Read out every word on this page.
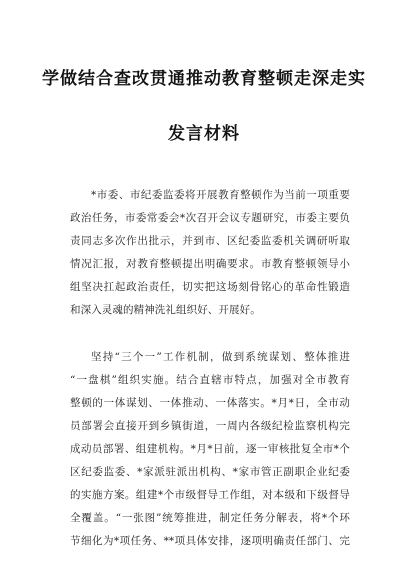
学做结合查改贯通推动教育整顿走深走实
发言材料
*市委、市纪委监委将开展教育整顿作为当前一项重要
政治任务，市委常委会*次召开会议专题研究，市委主要负
责同志多次作出批示，并到市、区纪委监委机关调研听取
情况汇报，对教育整顿提出明确要求。市教育整顿领导小
组坚决扛起政治责任，切实把这场刻骨铭心的革命性锻造
和深入灵魂的精神洗礼组织好、开展好。
坚持“三个一”工作机制，做到系统谋划、整体推进
“一盘棋”组织实施。结合直辖市特点，加强对全市教育
整顿的一体谋划、一体推动、一体落实。*月*日，全市动
员部署会直接开到乡镇街道，一周内各级纪检监察机构完
成动员部署、组建机构。*月*日前，逐一审核批复全市*个
区纪委监委、*家派驻派出机构、*家市管正副职企业纪委
的实施方案。组建*个市级督导工作组，对本级和下级督导
全覆盖。“一张图”统筹推进，制定任务分解表，将*个环
节细化为*项任务、**项具体安排，逐项明确责任部门、完
